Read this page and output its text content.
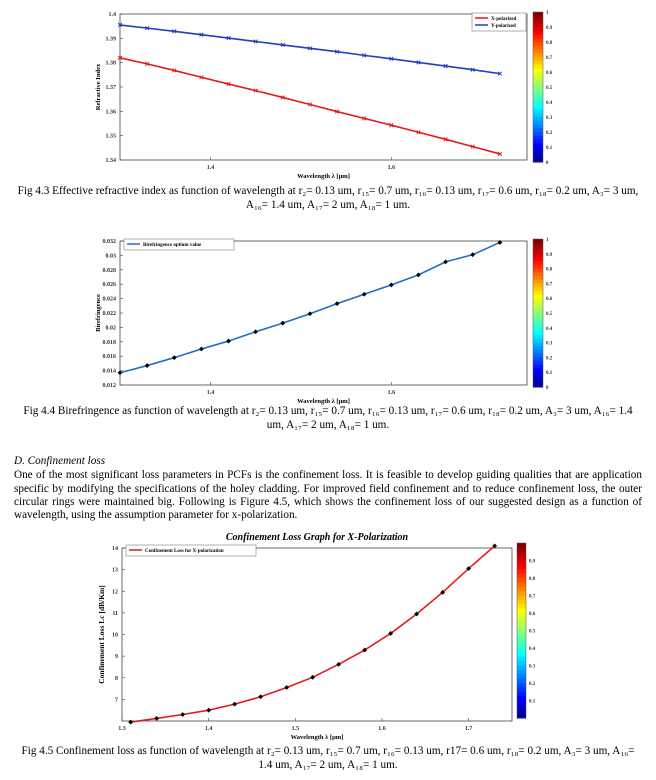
1.34
1.35
1.36
1.37
1.38
1.39
1.4
1.4	1.6
Wavelength λ [μm]
Refractive Index
X-polarized
Y-polarized
0
0.1
0.2
0.3
0.4
0.5
0.6
0.7
0.8
0.9
1
Fig 4.3 Effective refractive index as function of wavelength at r₂= 0.13 um, r₁₅= 0.7 um, r₁₆= 0.13 um, r₁₇= 0.6 um, r₁₈= 0.2 um, A₃= 3 um, A₁₆= 1.4 um, A₁₇= 2 um, A₁₈= 1 um.
0.012
0.014
0.016
0.018
0.02
0.022
0.024
0.026
0.028
0.03
0.032
1.4	1.6
Wavelength λ [μm]
Birefringence
Birefringence optium value
0
0.1
0.2
0.3
0.4
0.5
0.6
0.7
0.8
0.9
1
Fig 4.4 Birefringence as function of wavelength at r₂= 0.13 um, r₁₅= 0.7 um, r₁₆= 0.13 um, r₁₇= 0.6 um, r₁₈= 0.2 um, A₃= 3 um, A₁₆= 1.4 um, A₁₇= 2 um, A₁₈= 1 um.
D. Confinement loss
One of the most significant loss parameters in PCFs is the confinement loss. It is feasible to develop guiding qualities that are application specific by modifying the specifications of the holey cladding. For improved field confinement and to reduce confinement loss, the outer circular rings were maintained big. Following is Figure 4.5, which shows the confinement loss of our suggested design as a function of wavelength, using the assumption parameter for x-polarization.
Confinement Loss Graph for X-Polarization
7
8
9
10
11
12
13
14
1.3	1.4	1.5	1.6	1.7
Wavelength λ [μm]
Confinement Loss Lc [dB/Km]
Confinement Loss for X-polarization
0.1
0.2
0.3
0.4
0.5
0.6
0.7
0.8
0.9
Fig 4.5 Confinement loss as function of wavelength at r₂= 0.13 um, r₁₅= 0.7 um, r₁₆= 0.13 um, r17= 0.6 um, r₁₈= 0.2 um, A₃= 3 um, A₁₆= 1.4 um, A₁₇= 2 um, A₁₈= 1 um.
